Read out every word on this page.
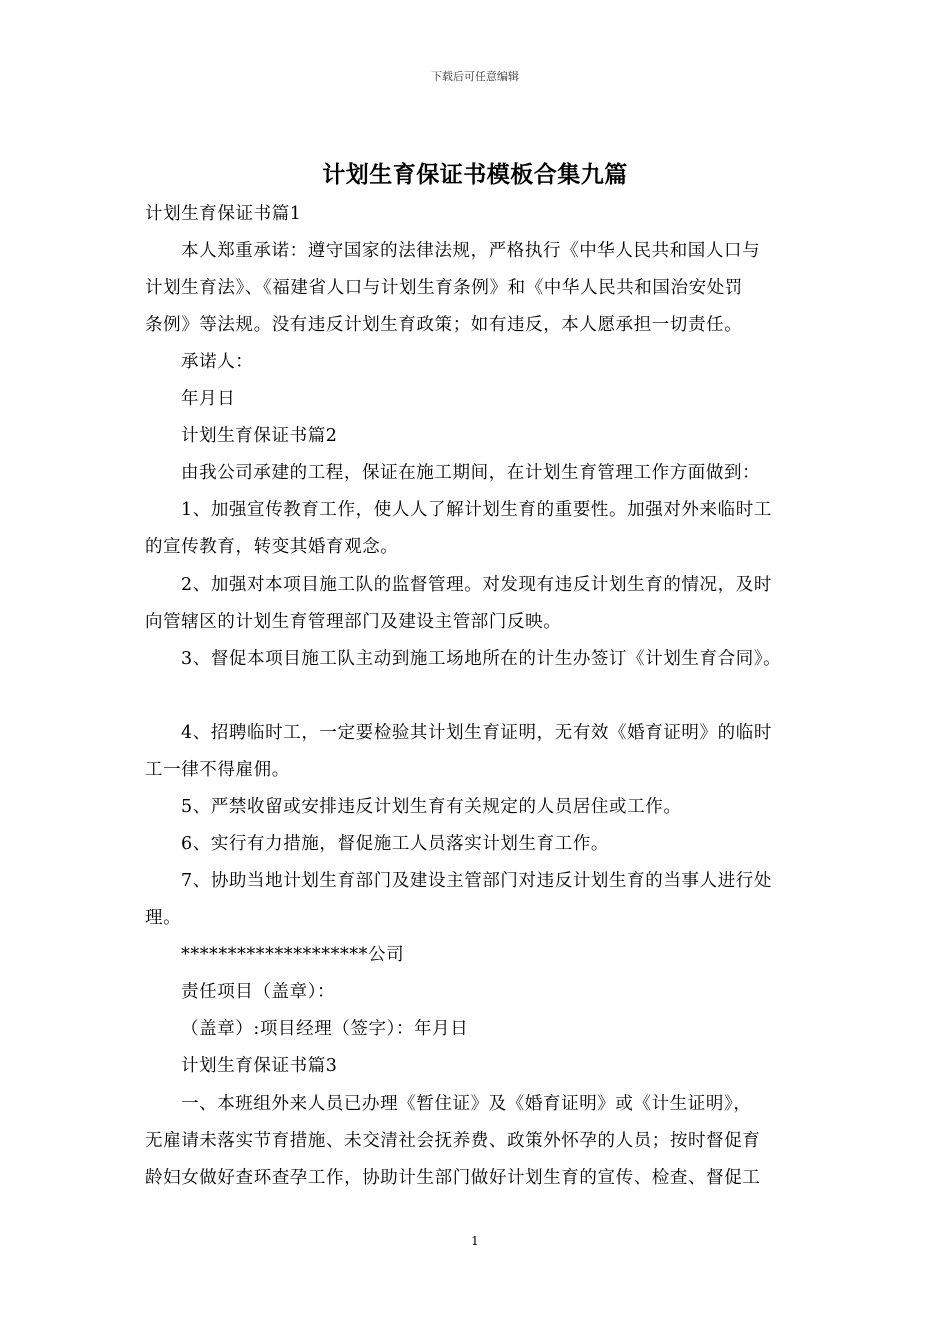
下载后可任意编辑
计划生育保证书模板合集九篇
计划生育保证书篇1
本人郑重承诺：遵守国家的法律法规，严格执行《中华人民共和国人口与
计划生育法》、《福建省人口与计划生育条例》和《中华人民共和国治安处罚
条例》等法规。没有违反计划生育政策；如有违反，本人愿承担一切责任。
承诺人：
年月日
计划生育保证书篇2
由我公司承建的工程，保证在施工期间，在计划生育管理工作方面做到：
1、加强宣传教育工作，使人人了解计划生育的重要性。加强对外来临时工
的宣传教育，转变其婚育观念。
2、加强对本项目施工队的监督管理。对发现有违反计划生育的情况，及时
向管辖区的计划生育管理部门及建设主管部门反映。
3、督促本项目施工队主动到施工场地所在的计生办签订《计划生育合同》。
4、招聘临时工，一定要检验其计划生育证明，无有效《婚育证明》的临时
工一律不得雇佣。
5、严禁收留或安排违反计划生育有关规定的人员居住或工作。
6、实行有力措施，督促施工人员落实计划生育工作。
7、协助当地计划生育部门及建设主管部门对违反计划生育的当事人进行处
理。
********************公司
责任项目（盖章）：
（盖章）:项目经理（签字）：年月日
计划生育保证书篇3
一、本班组外来人员已办理《暂住证》及《婚育证明》或《计生证明》，
无雇请未落实节育措施、未交清社会抚养费、政策外怀孕的人员；按时督促育
龄妇女做好查环查孕工作，协助计生部门做好计划生育的宣传、检查、督促工
1
